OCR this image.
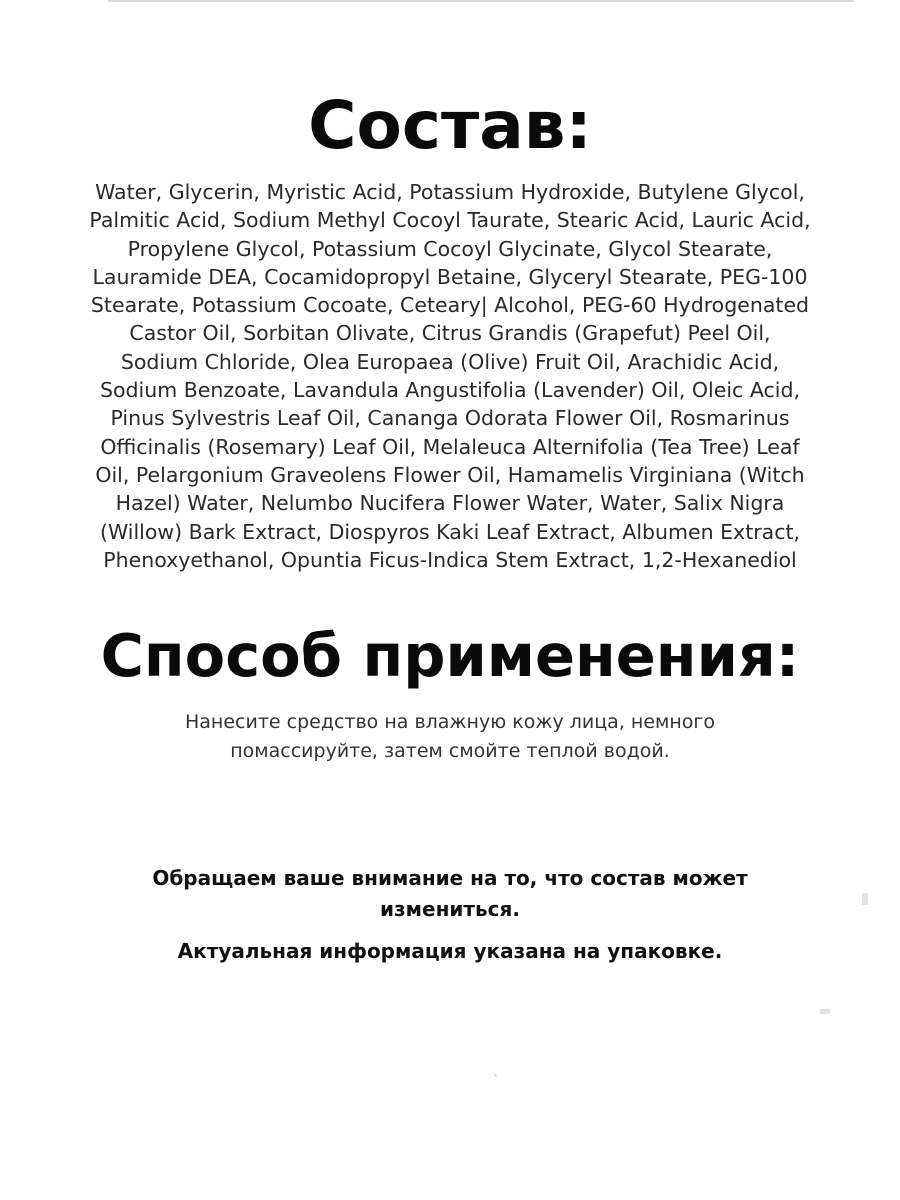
Состав:

Water, Glycerin, Myristic Acid, Potassium Hydroxide, Butylene Glycol, Palmitic Acid, Sodium Methyl Cocoyl Taurate, Stearic Acid, Lauric Acid, Propylene Glycol, Potassium Cocoyl Glycinate, Glycol Stearate, Lauramide DEA, Cocamidopropyl Betaine, Glyceryl Stearate, PEG-100 Stearate, Potassium Cocoate, Ceteary| Alcohol, PEG-60 Hydrogenated Castor Oil, Sorbitan Olivate, Citrus Grandis (Grapefut) Peel Oil, Sodium Chloride, Olea Europaea (Olive) Fruit Oil, Arachidic Acid, Sodium Benzoate, Lavandula Angustifolia (Lavender) Oil, Oleic Acid, Pinus Sylvestris Leaf Oil, Cananga Odorata Flower Oil, Rosmarinus Officinalis (Rosemary) Leaf Oil, Melaleuca Alternifolia (Tea Tree) Leaf Oil, Pelargonium Graveolens Flower Oil, Hamamelis Virginiana (Witch Hazel) Water, Nelumbo Nucifera Flower Water, Water, Salix Nigra (Willow) Bark Extract, Diospyros Kaki Leaf Extract, Albumen Extract, Phenoxyethanol, Opuntia Ficus-Indica Stem Extract, 1,2-Hexanediol

Способ применения:

Нанесите средство на влажную кожу лица, немного помассируйте, затем смойте теплой водой.

Обращаем ваше внимание на то, что состав может измениться.

Актуальная информация указана на упаковке.
